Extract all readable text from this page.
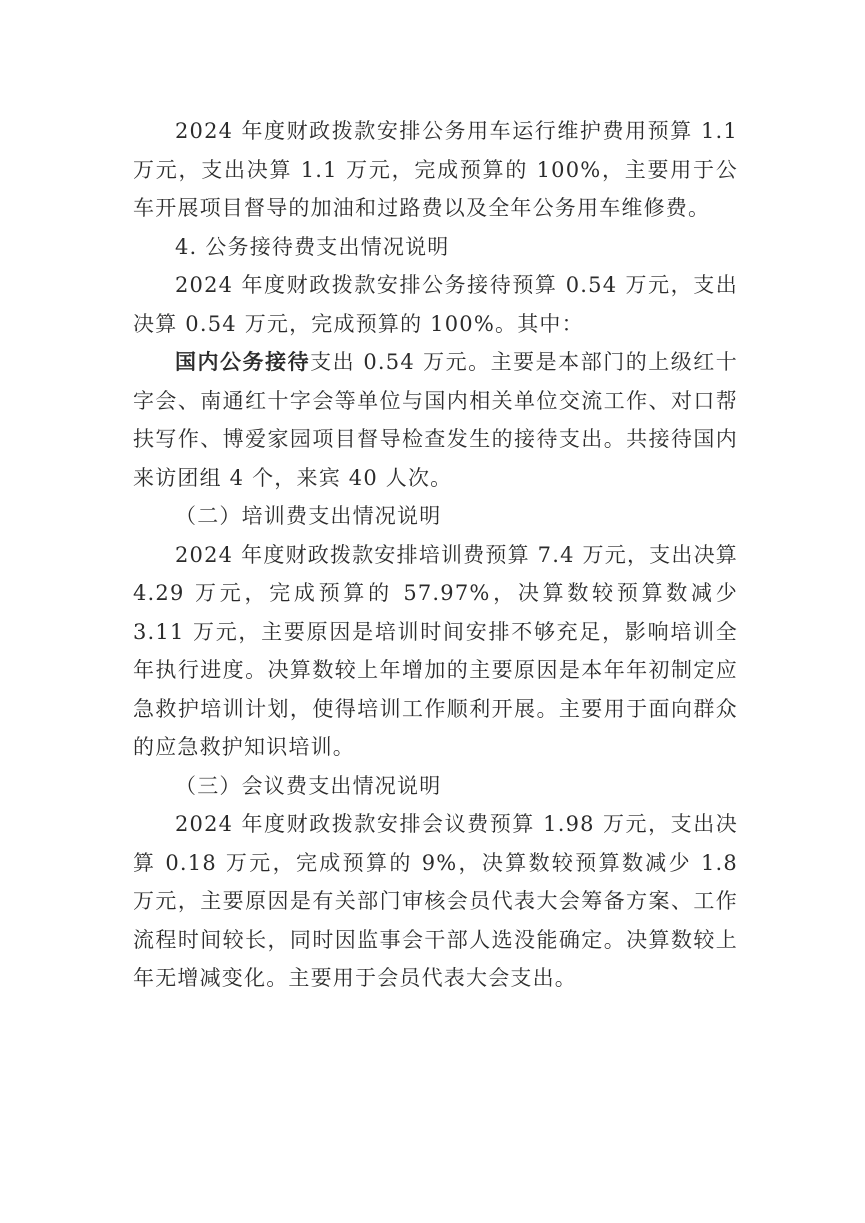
2024 年度财政拨款安排公务用车运行维护费用预算 1.1 万元，支出决算 1.1 万元，完成预算的 100%，主要用于公车开展项目督导的加油和过路费以及全年公务用车维修费。

4. 公务接待费支出情况说明

2024 年度财政拨款安排公务接待预算 0.54 万元，支出决算 0.54 万元，完成预算的 100%。其中：

国内公务接待支出 0.54 万元。主要是本部门的上级红十字会、南通红十字会等单位与国内相关单位交流工作、对口帮扶写作、博爱家园项目督导检查发生的接待支出。共接待国内来访团组 4 个，来宾 40 人次。

（二）培训费支出情况说明

2024 年度财政拨款安排培训费预算 7.4 万元，支出决算 4.29 万元，完成预算的 57.97%，决算数较预算数减少 3.11 万元，主要原因是培训时间安排不够充足，影响培训全年执行进度。决算数较上年增加的主要原因是本年年初制定应急救护培训计划，使得培训工作顺利开展。主要用于面向群众的应急救护知识培训。

（三）会议费支出情况说明

2024 年度财政拨款安排会议费预算 1.98 万元，支出决算 0.18 万元，完成预算的 9%，决算数较预算数减少 1.8 万元，主要原因是有关部门审核会员代表大会筹备方案、工作流程时间较长，同时因监事会干部人选没能确定。决算数较上年无增减变化。主要用于会员代表大会支出。
